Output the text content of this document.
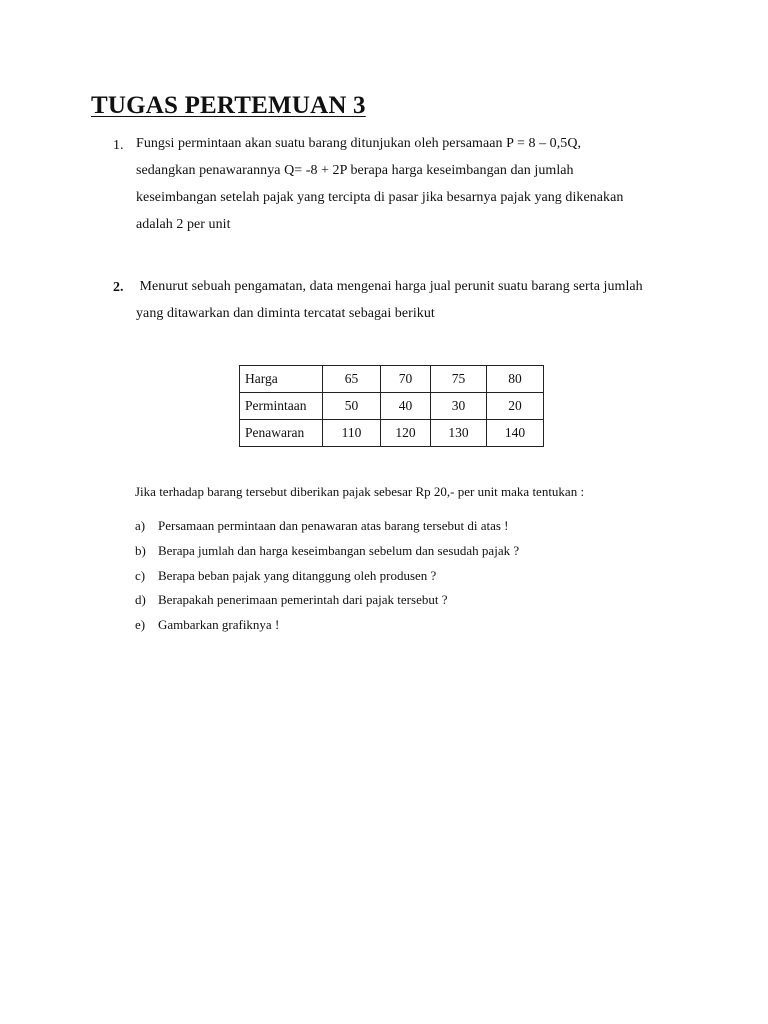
TUGAS PERTEMUAN 3
1. Fungsi permintaan akan suatu barang ditunjukan oleh persamaan P = 8 – 0,5Q,
sedangkan penawarannya Q= -8 + 2P berapa harga keseimbangan dan jumlah
keseimbangan setelah pajak yang tercipta di pasar jika besarnya pajak yang dikenakan
adalah 2 per unit
2. Menurut sebuah pengamatan, data mengenai harga jual perunit suatu barang serta jumlah
yang ditawarkan dan diminta tercatat sebagai berikut
Harga	65	70	75	80
Permintaan	50	40	30	20
Penawaran	110	120	130	140
Jika terhadap barang tersebut diberikan pajak sebesar Rp 20,- per unit maka tentukan :
a) Persamaan permintaan dan penawaran atas barang tersebut di atas !
b) Berapa jumlah dan harga keseimbangan sebelum dan sesudah pajak ?
c) Berapa beban pajak yang ditanggung oleh produsen ?
d) Berapakah penerimaan pemerintah dari pajak tersebut ?
e) Gambarkan grafiknya !
